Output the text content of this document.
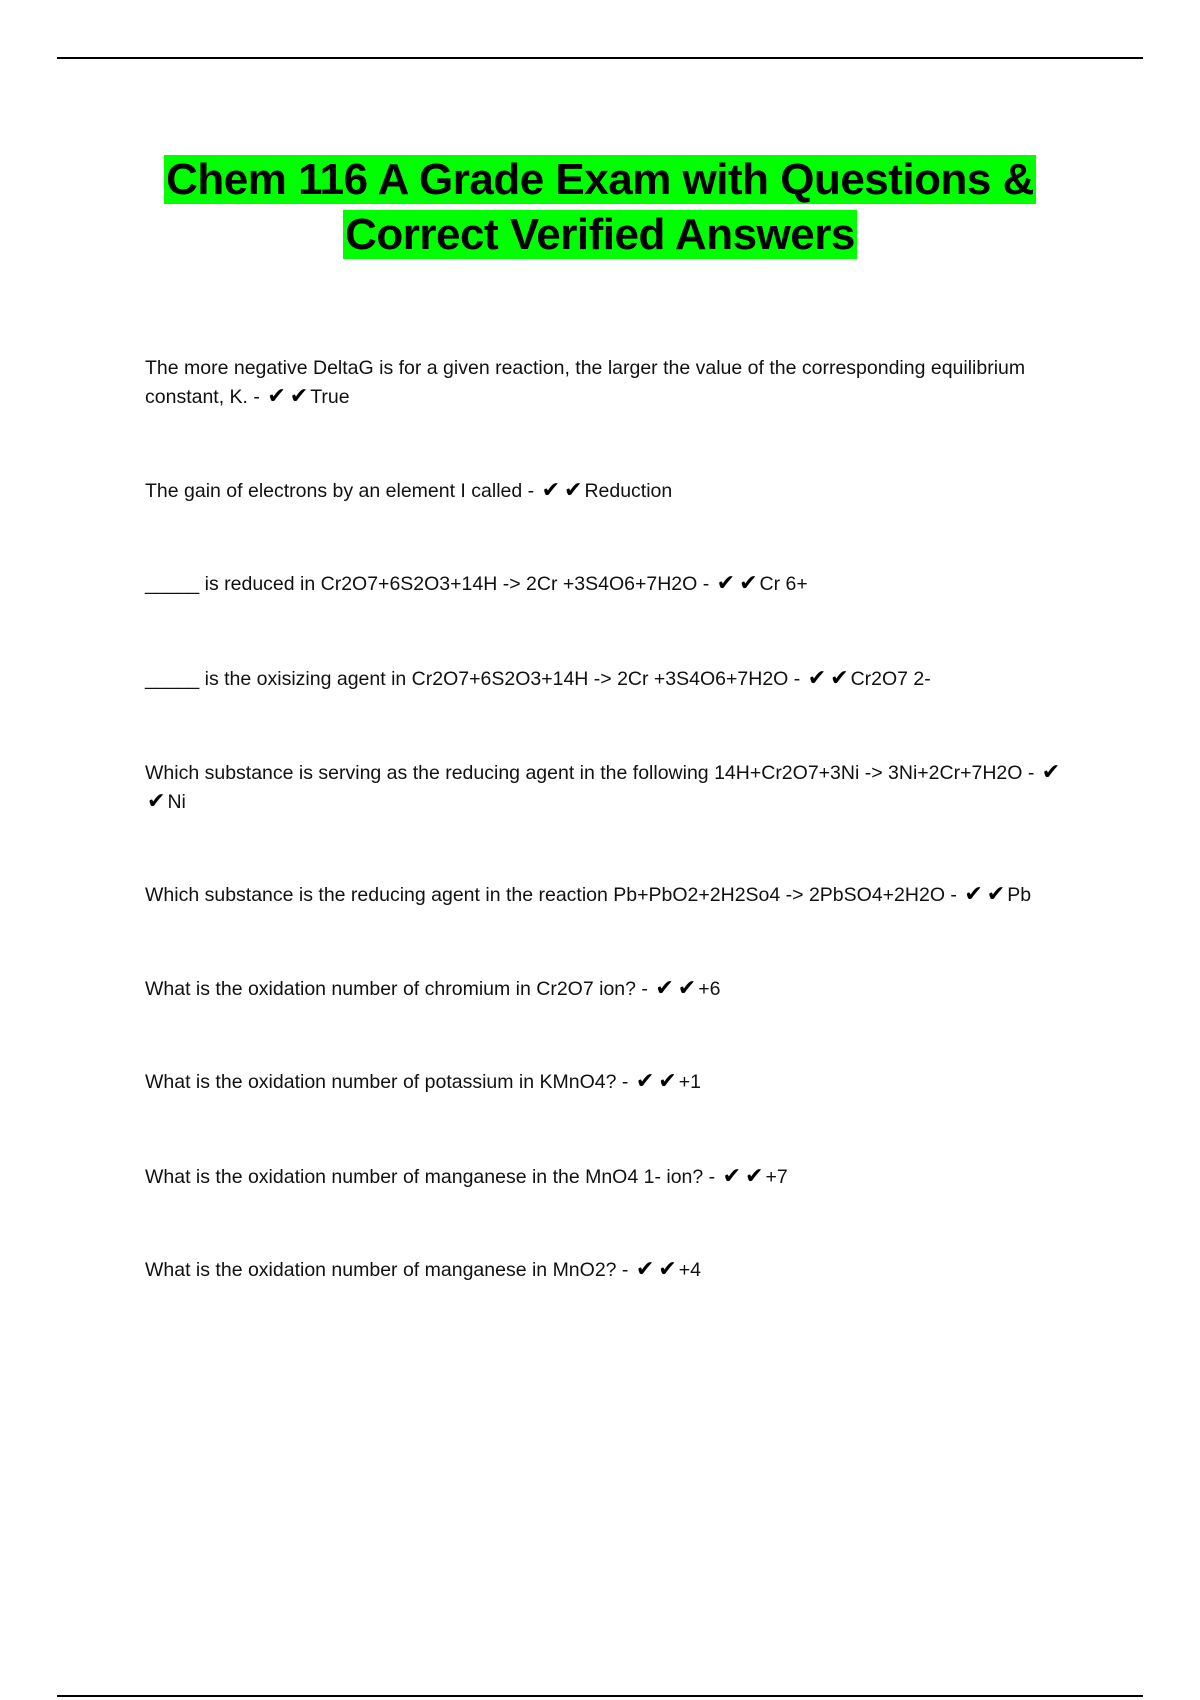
Chem 116 A Grade Exam with Questions &
Correct Verified Answers
The more negative DeltaG is for a given reaction, the larger the value of the corresponding equilibrium constant, K. - ✔ ✔ True
The gain of electrons by an element I called - ✔ ✔ Reduction
_____ is reduced in Cr2O7+6S2O3+14H -> 2Cr +3S4O6+7H2O - ✔ ✔ Cr 6+
_____ is the oxisizing agent in Cr2O7+6S2O3+14H -> 2Cr +3S4O6+7H2O - ✔ ✔ Cr2O7 2-
Which substance is serving as the reducing agent in the following 14H+Cr2O7+3Ni -> 3Ni+2Cr+7H2O - ✔✔ Ni
Which substance is the reducing agent in the reaction Pb+PbO2+2H2So4 -> 2PbSO4+2H2O - ✔ ✔ Pb
What is the oxidation number of chromium in Cr2O7 ion? - ✔ ✔ +6
What is the oxidation number of potassium in KMnO4? - ✔ ✔ +1
What is the oxidation number of manganese in the MnO4 1- ion? - ✔ ✔ +7
What is the oxidation number of manganese in MnO2? - ✔ ✔ +4
